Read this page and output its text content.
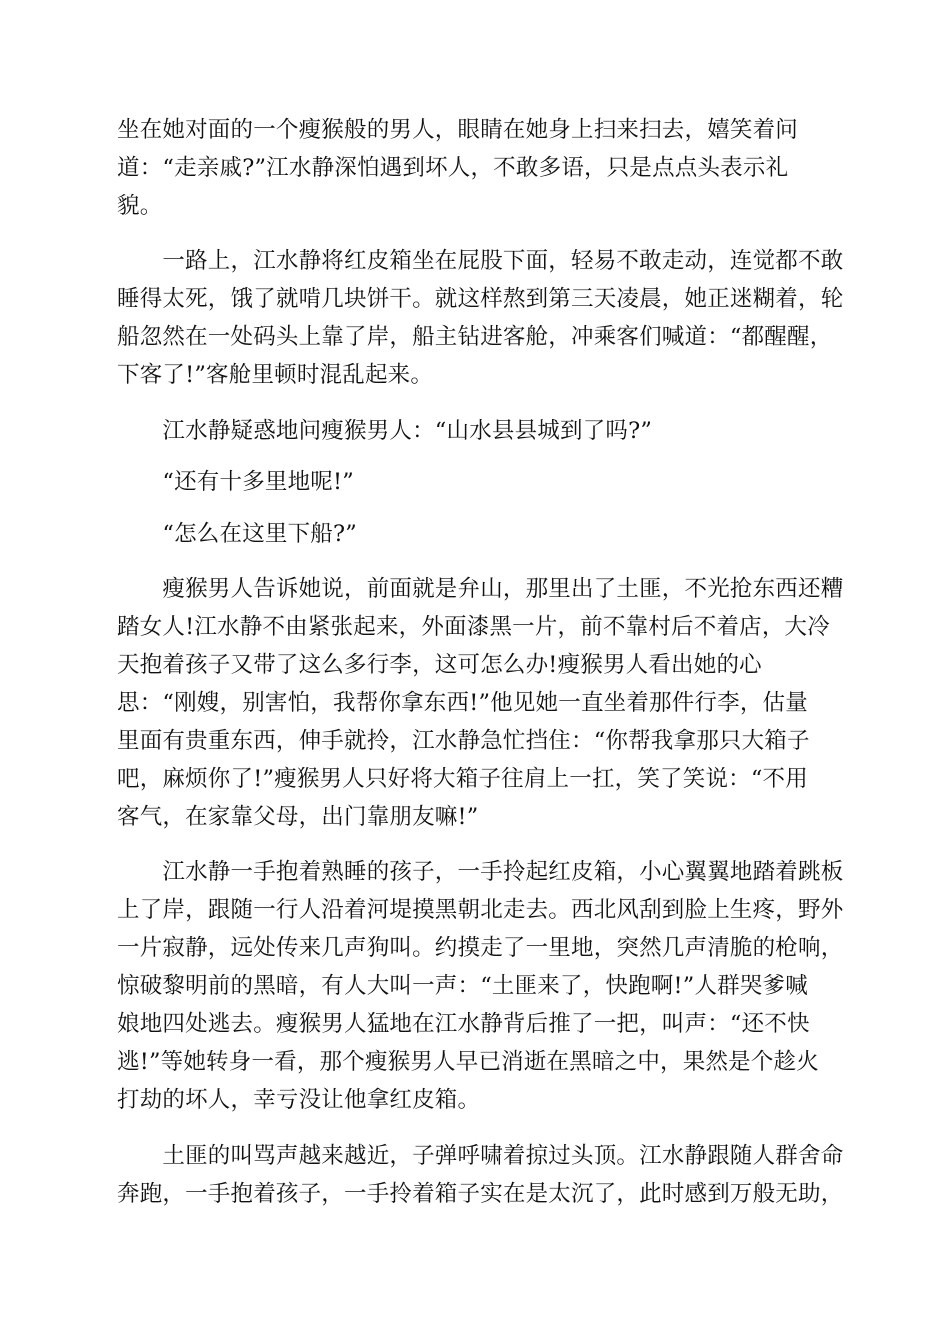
坐在她对面的一个瘦猴般的男人，眼睛在她身上扫来扫去，嬉笑着问
道：“走亲戚?”江水静深怕遇到坏人，不敢多语，只是点点头表示礼
貌。

　　一路上，江水静将红皮箱坐在屁股下面，轻易不敢走动，连觉都不敢
睡得太死，饿了就啃几块饼干。就这样熬到第三天凌晨，她正迷糊着，轮
船忽然在一处码头上靠了岸，船主钻进客舱，冲乘客们喊道：“都醒醒，
下客了!”客舱里顿时混乱起来。

　　江水静疑惑地问瘦猴男人：“山水县县城到了吗?”

　　“还有十多里地呢!”

　　“怎么在这里下船?”

　　瘦猴男人告诉她说，前面就是弁山，那里出了土匪，不光抢东西还糟
踏女人!江水静不由紧张起来，外面漆黑一片，前不靠村后不着店，大冷
天抱着孩子又带了这么多行李，这可怎么办!瘦猴男人看出她的心
思：“刚嫂，别害怕，我帮你拿东西!”他见她一直坐着那件行李，估量
里面有贵重东西，伸手就拎，江水静急忙挡住：“你帮我拿那只大箱子
吧，麻烦你了!”瘦猴男人只好将大箱子往肩上一扛，笑了笑说：“不用
客气，在家靠父母，出门靠朋友嘛!”

　　江水静一手抱着熟睡的孩子，一手拎起红皮箱，小心翼翼地踏着跳板
上了岸，跟随一行人沿着河堤摸黑朝北走去。西北风刮到脸上生疼，野外
一片寂静，远处传来几声狗叫。约摸走了一里地，突然几声清脆的枪响，
惊破黎明前的黑暗，有人大叫一声：“土匪来了，快跑啊!”人群哭爹喊
娘地四处逃去。瘦猴男人猛地在江水静背后推了一把，叫声：“还不快
逃!”等她转身一看，那个瘦猴男人早已消逝在黑暗之中，果然是个趁火
打劫的坏人，幸亏没让他拿红皮箱。

　　土匪的叫骂声越来越近，子弹呼啸着掠过头顶。江水静跟随人群舍命
奔跑，一手抱着孩子，一手拎着箱子实在是太沉了，此时感到万般无助，
